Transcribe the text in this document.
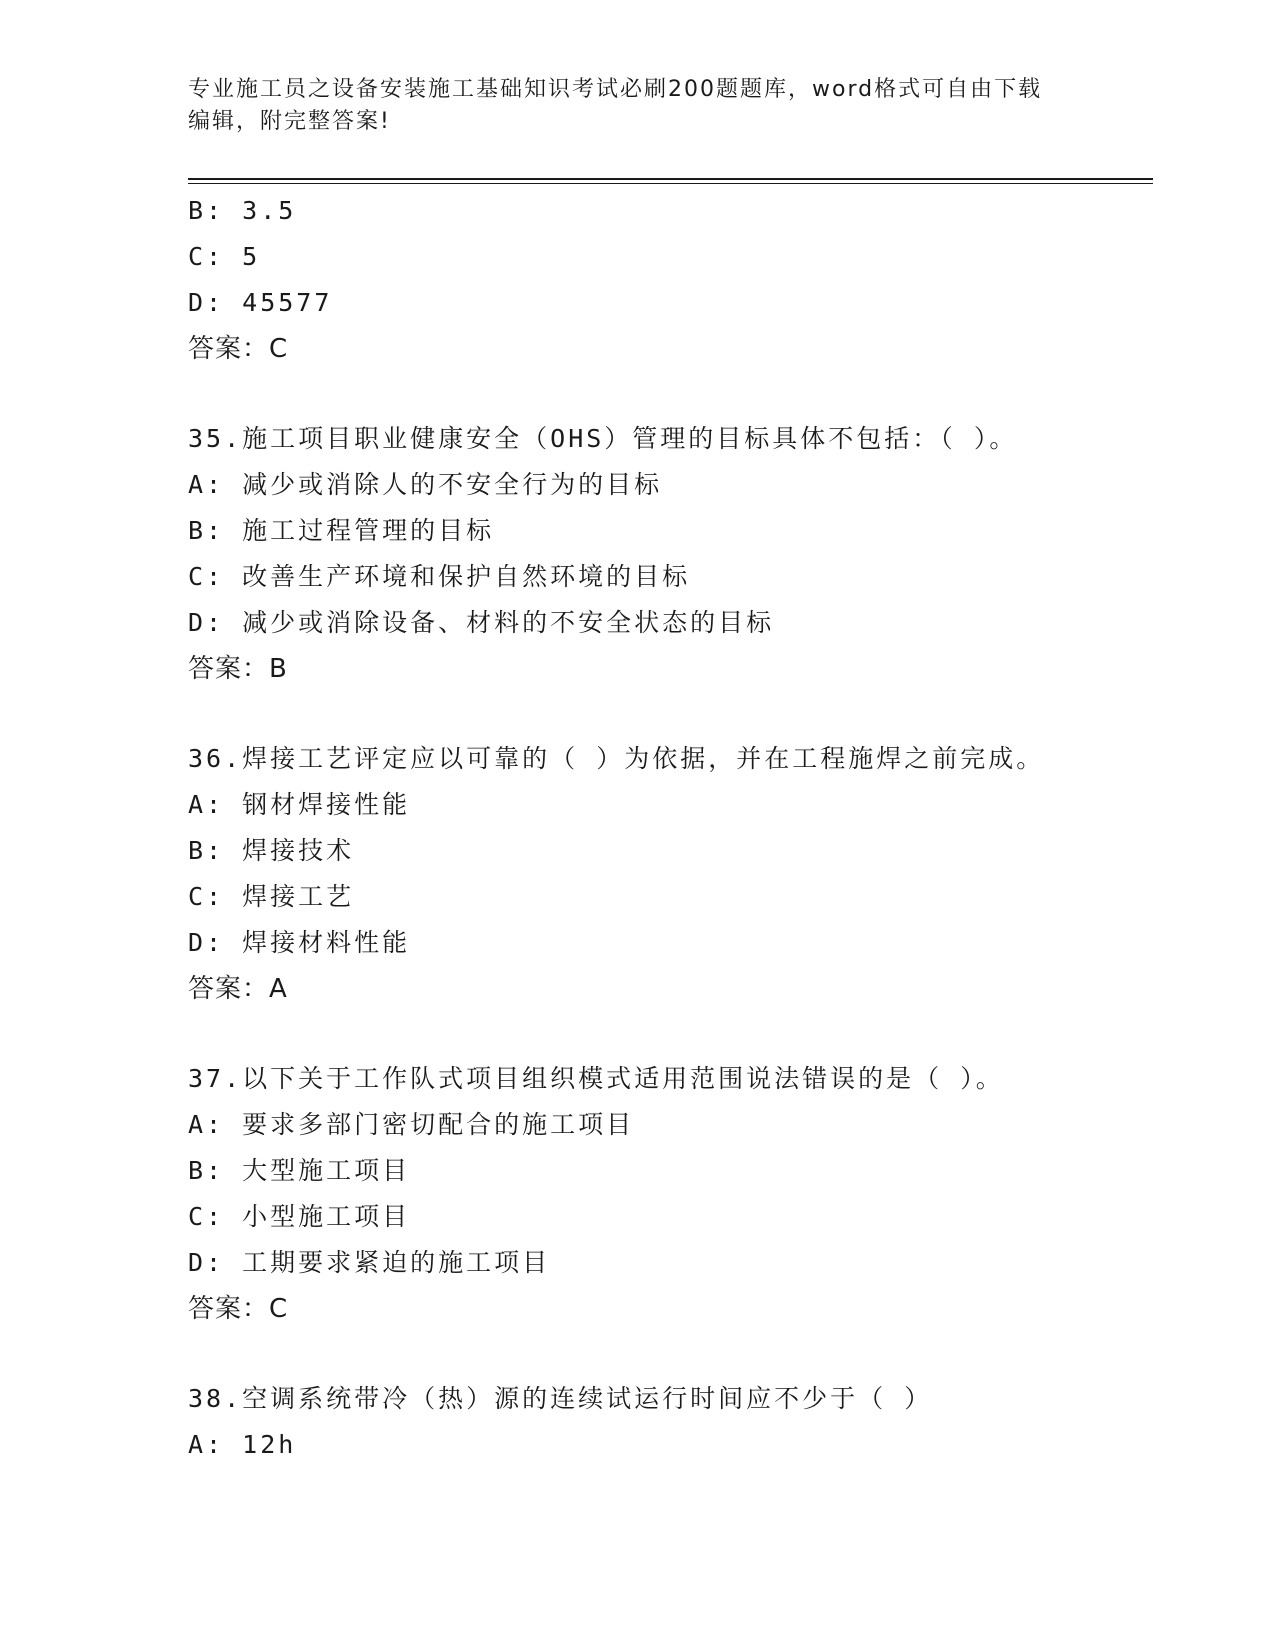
专业施工员之设备安装施工基础知识考试必刷200题题库，word格式可自由下载
编辑，附完整答案!
B: 3.5
C: 5
D: 45577
答案：C
35.施工项目职业健康安全（OHS）管理的目标具体不包括：（ ）。
A: 减少或消除人的不安全行为的目标
B: 施工过程管理的目标
C: 改善生产环境和保护自然环境的目标
D: 减少或消除设备、材料的不安全状态的目标
答案：B
36.焊接工艺评定应以可靠的（ ）为依据，并在工程施焊之前完成。
A: 钢材焊接性能
B: 焊接技术
C: 焊接工艺
D: 焊接材料性能
答案：A
37.以下关于工作队式项目组织模式适用范围说法错误的是（ ）。
A: 要求多部门密切配合的施工项目
B: 大型施工项目
C: 小型施工项目
D: 工期要求紧迫的施工项目
答案：C
38.空调系统带冷（热）源的连续试运行时间应不少于（ ）
A: 12h
